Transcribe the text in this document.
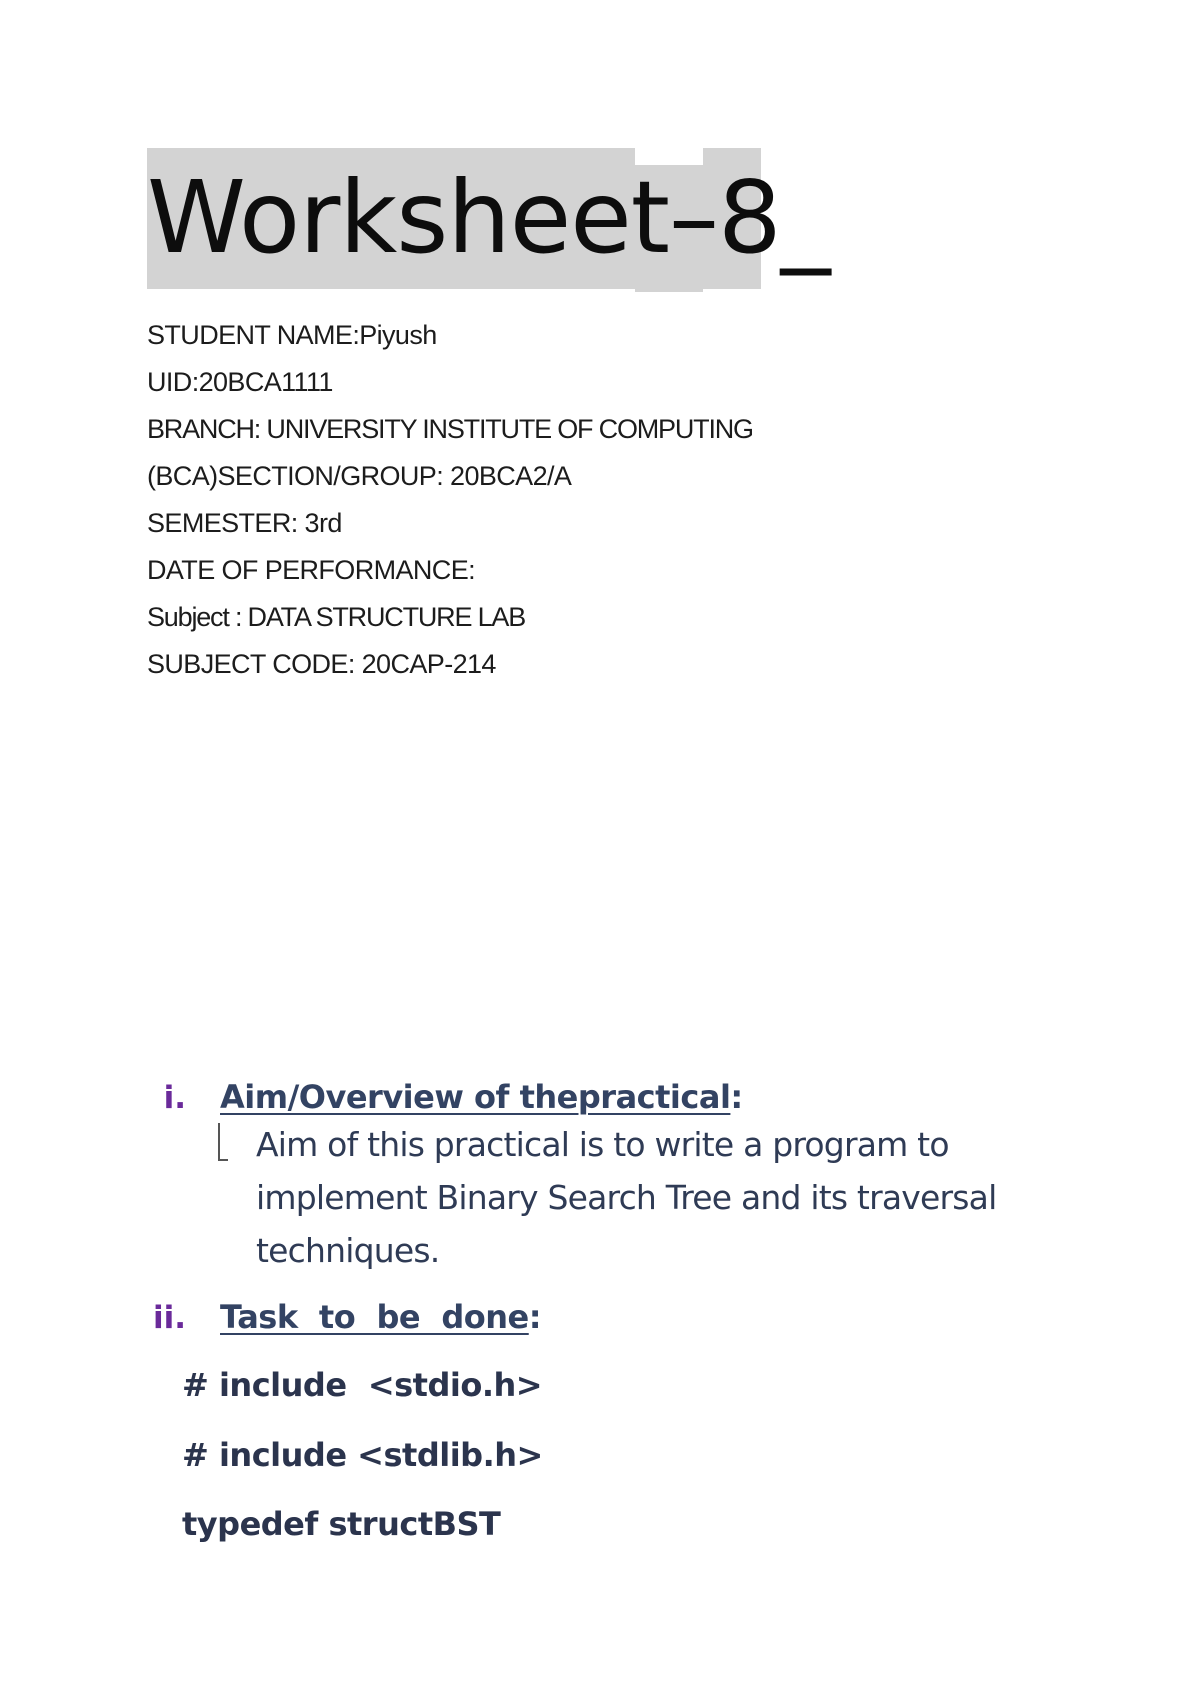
Worksheet–8_
STUDENT NAME:Piyush
UID:20BCA1111
BRANCH: UNIVERSITY INSTITUTE OF COMPUTING
(BCA)SECTION/GROUP: 20BCA2/A
SEMESTER: 3rd
DATE OF PERFORMANCE:
Subject : DATA STRUCTURE LAB
SUBJECT CODE: 20CAP-214
i. Aim/Overview of thepractical:
Aim of this practical is to write a program to
implement Binary Search Tree and its traversal
techniques.
ii. Task  to  be  done:
# include  <stdio.h>
# include <stdlib.h>
typedef structBST
